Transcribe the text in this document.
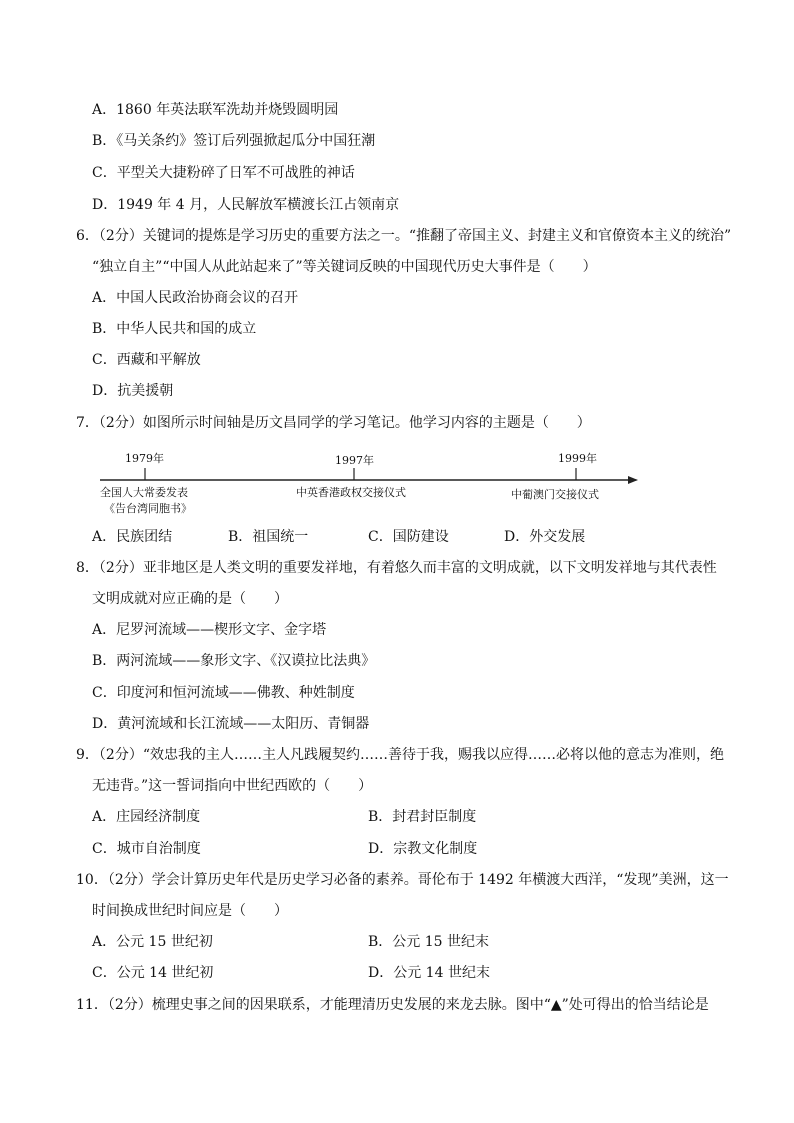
A．1860 年英法联军洗劫并烧毁圆明园
B．《马关条约》签订后列强掀起瓜分中国狂潮
C．平型关大捷粉碎了日军不可战胜的神话
D．1949 年 4 月，人民解放军横渡长江占领南京
6．（2分）关键词的提炼是学习历史的重要方法之一。“推翻了帝国主义、封建主义和官僚资本主义的统治”
“独立自主”“中国人从此站起来了”等关键词反映的中国现代历史大事件是（　　）
A．中国人民政治协商会议的召开
B．中华人民共和国的成立
C．西藏和平解放
D．抗美援朝
7．（2分）如图所示时间轴是历文昌同学的学习笔记。他学习内容的主题是（　　）
1979年	1997年	1999年
全国人大常委发表
《告台湾同胞书》
中英香港政权交接仪式	中葡澳门交接仪式
A．民族团结	B．祖国统一	C．国防建设	D．外交发展
8．（2分）亚非地区是人类文明的重要发祥地，有着悠久而丰富的文明成就，以下文明发祥地与其代表性
文明成就对应正确的是（　　）
A．尼罗河流域——楔形文字、金字塔
B．两河流域——象形文字、《汉谟拉比法典》
C．印度河和恒河流域——佛教、种姓制度
D．黄河流域和长江流域——太阳历、青铜器
9．（2分）“效忠我的主人……主人凡践履契约……善待于我，赐我以应得……必将以他的意志为准则，绝
无违背。”这一誓词指向中世纪西欧的（　　）
A．庄园经济制度	B．封君封臣制度
C．城市自治制度	D．宗教文化制度
10．（2分）学会计算历史年代是历史学习必备的素养。哥伦布于 1492 年横渡大西洋，“发现”美洲，这一
时间换成世纪时间应是（　　）
A．公元 15 世纪初	B．公元 15 世纪末
C．公元 14 世纪初	D．公元 14 世纪末
11．（2分）梳理史事之间的因果联系，才能理清历史发展的来龙去脉。图中“▲”处可得出的恰当结论是
